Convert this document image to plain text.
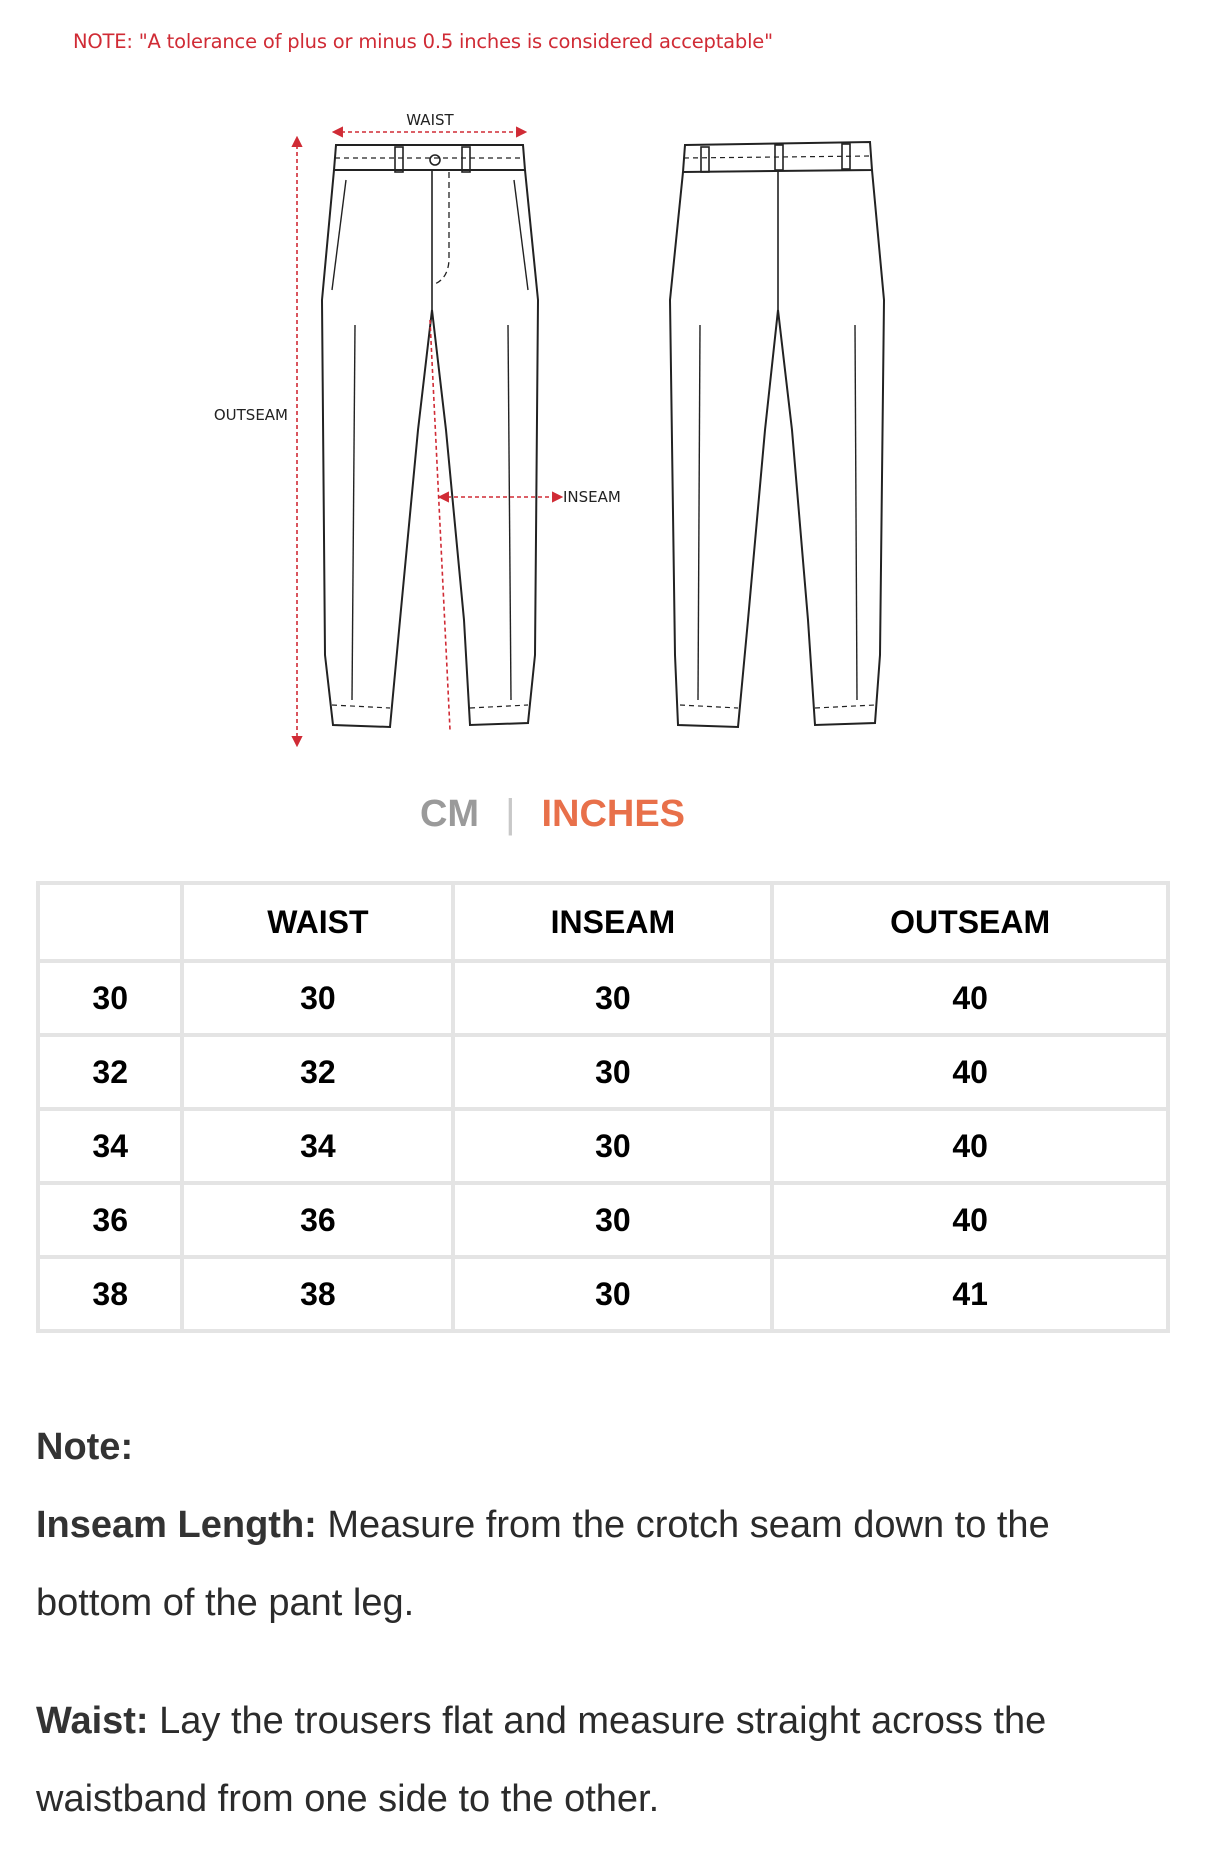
NOTE: "A tolerance of plus or minus 0.5 inches is considered acceptable"
WAIST
OUTSEAM
INSEAM
CM | INCHES
	WAIST	INSEAM	OUTSEAM
30	30	30	40
32	32	30	40
34	34	30	40
36	36	30	40
38	38	30	41
Note:

Inseam Length: Measure from the crotch seam down to the bottom of the pant leg.

Waist: Lay the trousers flat and measure straight across the waistband from one side to the other.
